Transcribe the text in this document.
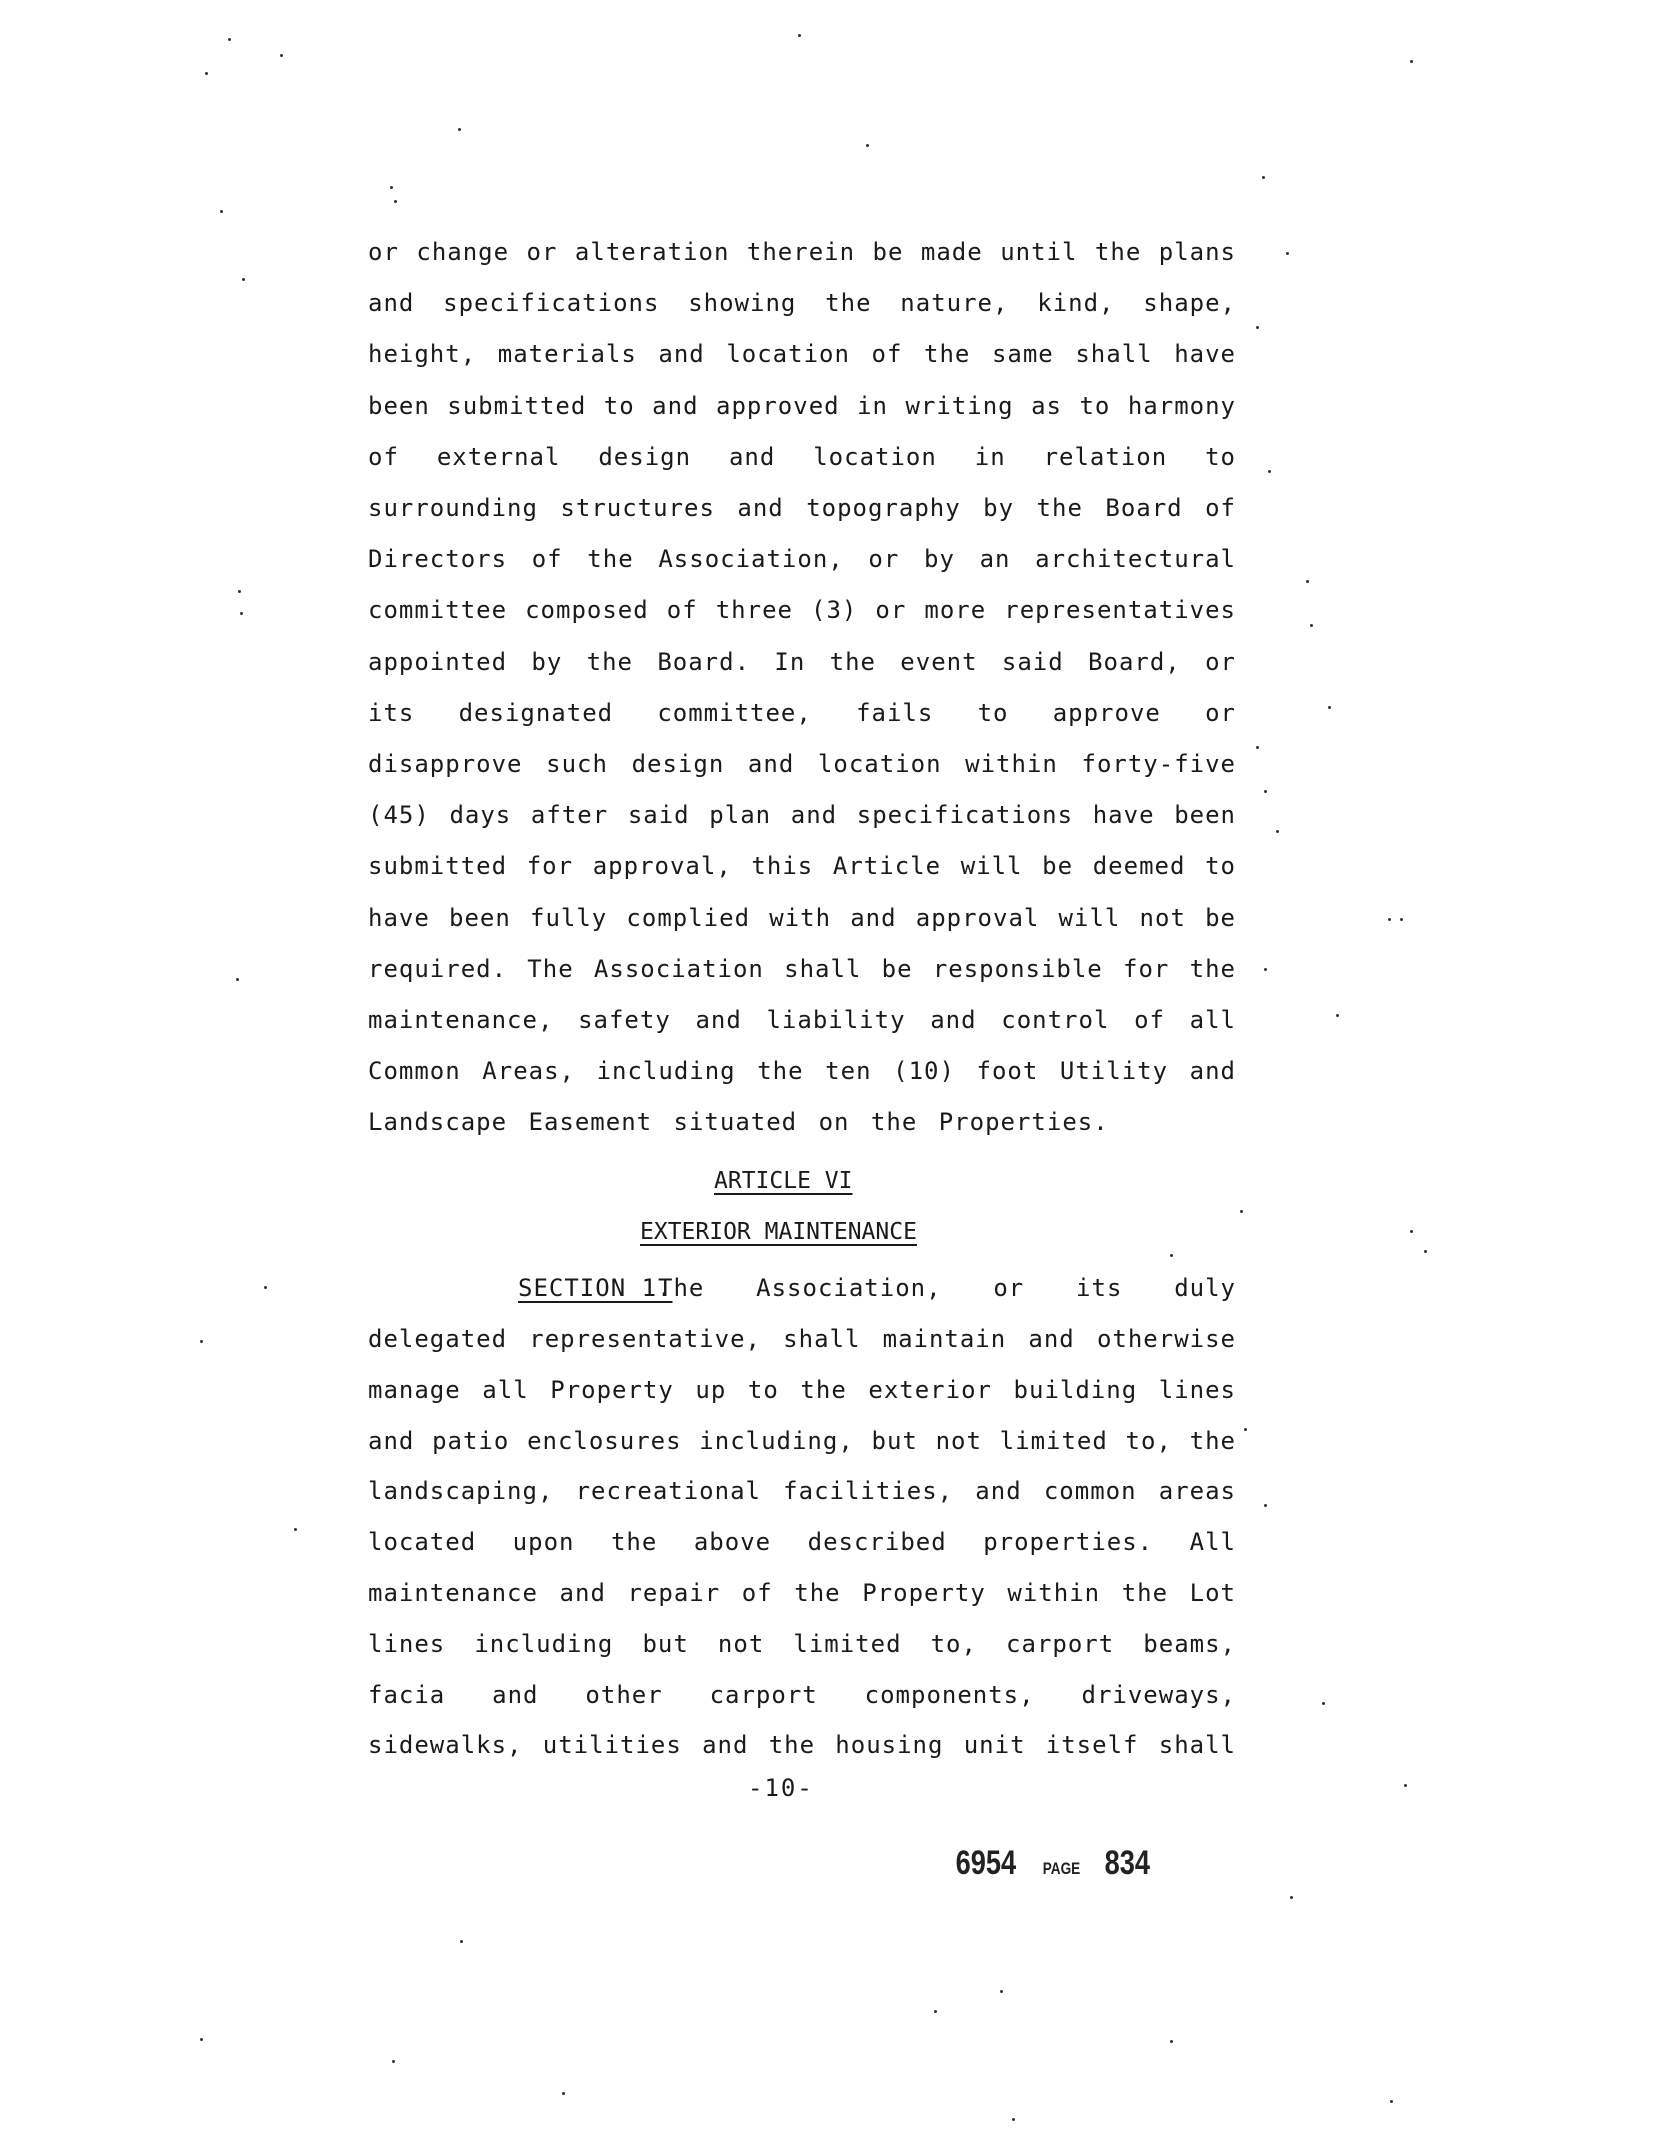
or change or alteration therein be made until the plans
and specifications showing the nature, kind, shape,
height, materials and location of the same shall have
been submitted to and approved in writing as to harmony
of external design and location in relation to
surrounding structures and topography by the Board of
Directors of the Association, or by an architectural
committee composed of three (3) or more representatives
appointed by the Board. In the event said Board, or
its designated committee, fails to approve or
disapprove such design and location within forty-five
(45) days after said plan and specifications have been
submitted for approval, this Article will be deemed to
have been fully complied with and approval will not be
required. The Association shall be responsible for the
maintenance, safety and liability and control of all
Common Areas, including the ten (10) foot Utility and
Landscape Easement situated on the Properties.
ARTICLE VI
EXTERIOR MAINTENANCE
SECTION 1.
The Association, or its duly
delegated representative, shall maintain and otherwise
manage all Property up to the exterior building lines
and patio enclosures including, but not limited to, the
landscaping, recreational facilities, and common areas
located upon the above described properties. All
maintenance and repair of the Property within the Lot
lines including but not limited to, carport beams,
facia and other carport components, driveways,
sidewalks, utilities and the housing unit itself shall
-10-
6954 PAGE 834
